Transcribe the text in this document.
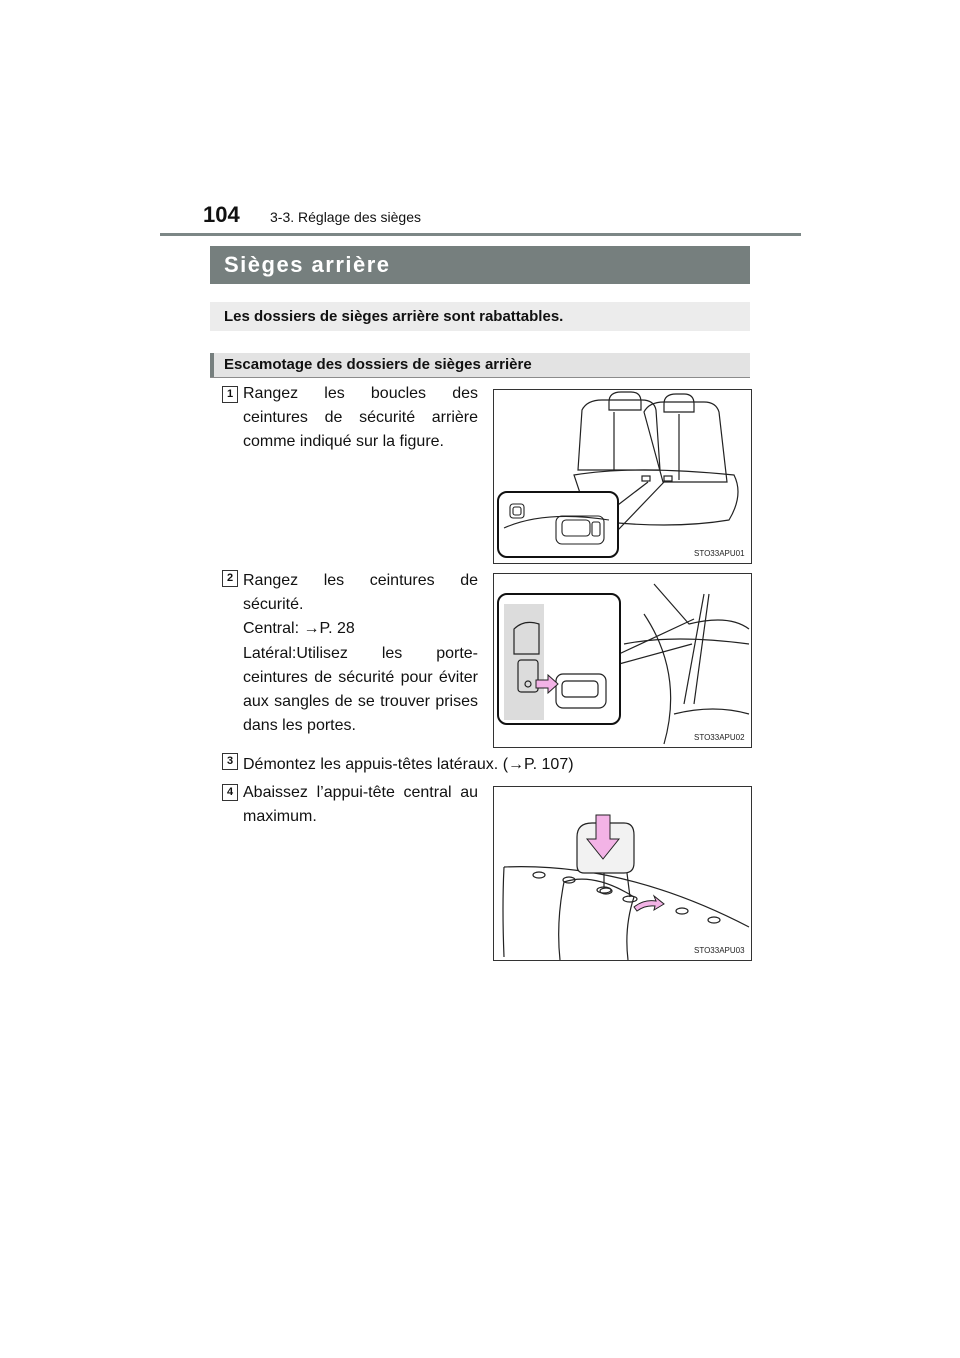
104 3-3. Réglage des sièges
Sièges arrière
Les dossiers de sièges arrière sont rabattables.
Escamotage des dossiers de sièges arrière
1 Rangez les boucles des ceintures de sécurité arrière comme indiqué sur la figure.
2 Rangez les ceintures de sécurité.
Central: →P. 28
Latéral:Utilisez les porte-ceintures de sécurité pour éviter aux sangles de se trouver prises dans les portes.
3 Démontez les appuis-têtes latéraux. (→P. 107)
4 Abaissez l’appui-tête central au maximum.
STO33APU01
STO33APU02
STO33APU03
